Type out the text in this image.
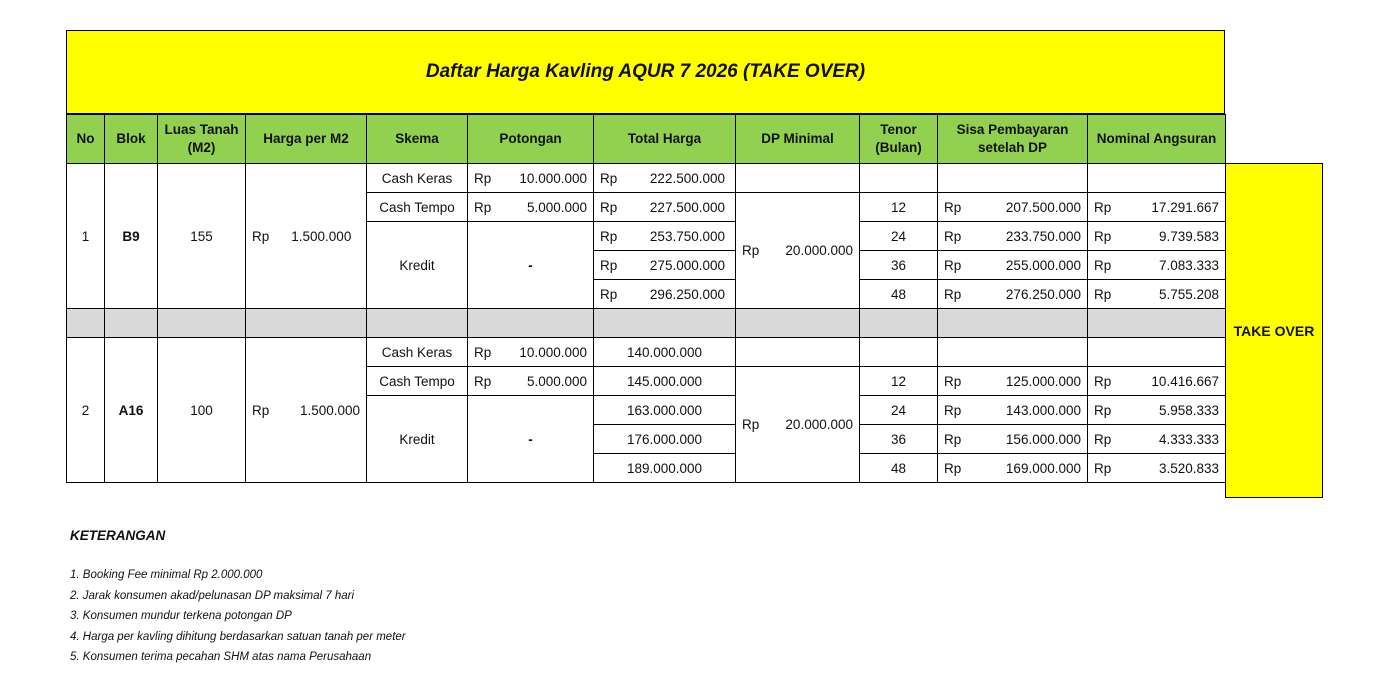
Daftar Harga Kavling AQUR 7 2026 (TAKE OVER)
No	Blok	Luas Tanah (M2)	Harga per M2	Skema	Potongan	Total Harga	DP Minimal	Tenor (Bulan)	Sisa Pembayaran setelah DP	Nominal Angsuran
1	B9	155	Rp 1.500.000	Cash Keras	Rp 10.000.000	Rp 222.500.000				

				Cash Tempo	Rp 5.000.000	Rp 227.500.000	Rp 20.000.000	12	Rp 207.500.000	Rp 17.291.667

				Kredit	-	Rp 253.750.000		24	Rp 233.750.000	Rp 9.739.583

						Rp 275.000.000		36	Rp 255.000.000	Rp 7.083.333

						Rp 296.250.000		48	Rp 276.250.000	Rp 5.755.208

2	A16	100	Rp 1.500.000	Cash Keras	Rp 10.000.000	140.000.000				
				Cash Tempo	Rp 5.000.000	145.000.000	Rp 20.000.000	12	Rp 125.000.000	Rp 10.416.667

				Kredit	-	163.000.000		24	Rp 143.000.000	Rp 5.958.333

						176.000.000		36	Rp 156.000.000	Rp 4.333.333

						189.000.000		48	Rp 169.000.000	Rp 3.520.833
TAKE OVER
KETERANGAN
1. Booking Fee minimal Rp 2.000.000
2. Jarak konsumen akad/pelunasan DP maksimal 7 hari
3. Konsumen mundur terkena potongan DP
4. Harga per kavling dihitung berdasarkan satuan tanah per meter
5. Konsumen terima pecahan SHM atas nama Perusahaan
